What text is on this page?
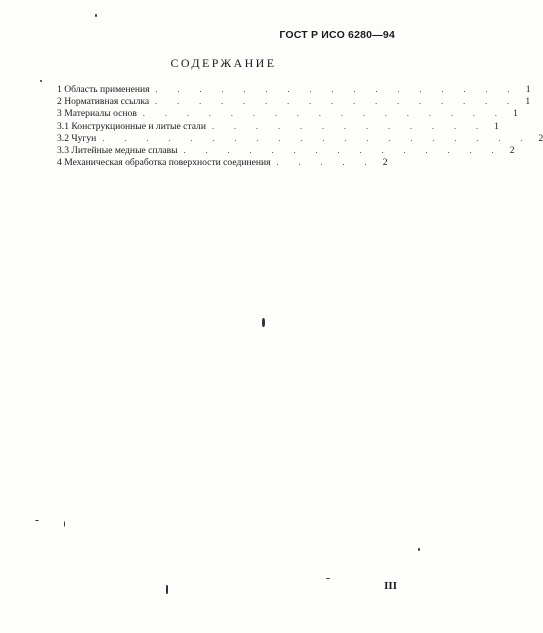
ГОСТ Р ИСО 6280—94
СОДЕРЖАНИЕ
1 Область применения . . . . . . . . . . . . . . . . . 1
2 Нормативная ссылка . . . . . . . . . . . . . . . . . 1
3 Материалы основ . . . . . . . . . . . . . . . . . 1
3.1 Конструкционные и литые стали . . . . . . . . . . . . . 1
3.2 Чугун . . . . . . . . . . . . . . . . . . . . 2
3.3 Литейные медные сплавы . . . . . . . . . . . . . . . 2
4 Механическая обработка поверхности соединения . . . . . 2
III
